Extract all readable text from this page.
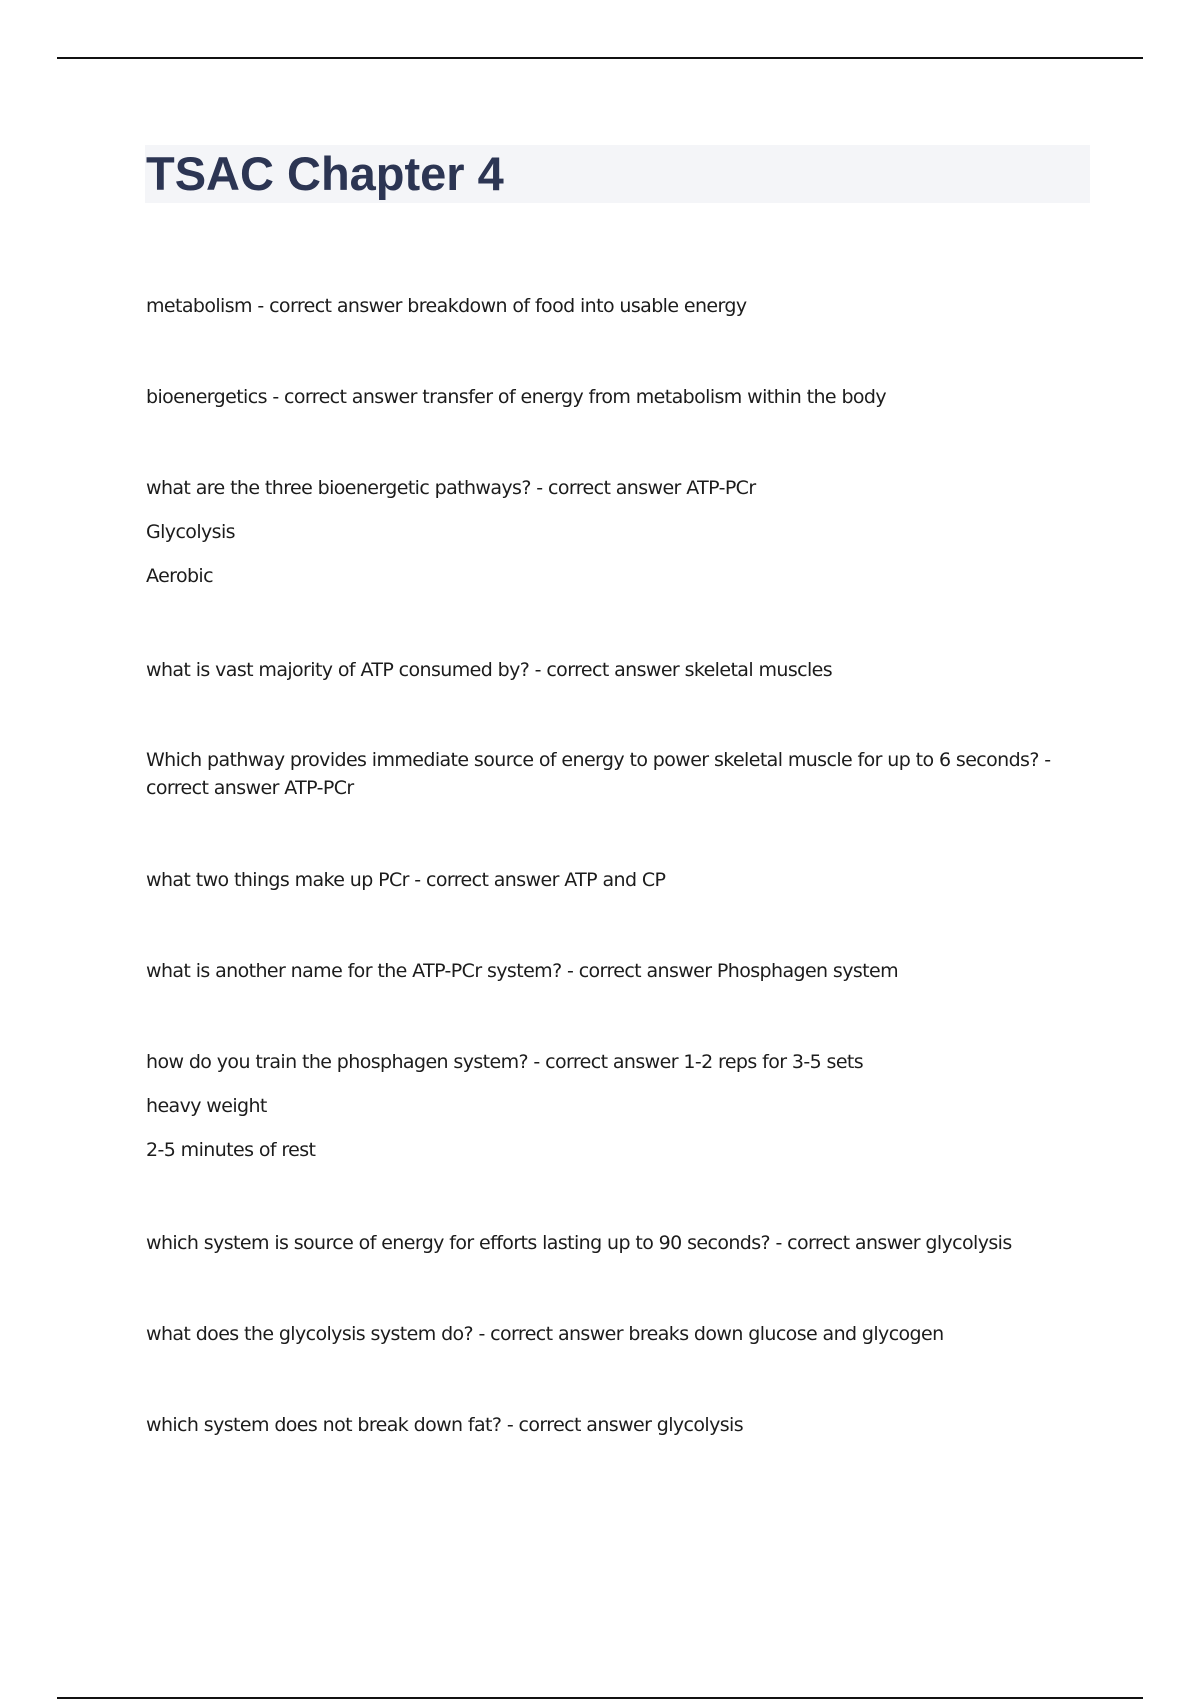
TSAC Chapter 4

metabolism - correct answer breakdown of food into usable energy

bioenergetics - correct answer transfer of energy from metabolism within the body

what are the three bioenergetic pathways? - correct answer ATP-PCr

Glycolysis

Aerobic

what is vast majority of ATP consumed by? - correct answer skeletal muscles

Which pathway provides immediate source of energy to power skeletal muscle for up to 6 seconds? - correct answer ATP-PCr

what two things make up PCr - correct answer ATP and CP

what is another name for the ATP-PCr system? - correct answer Phosphagen system

how do you train the phosphagen system? - correct answer 1-2 reps for 3-5 sets

heavy weight

2-5 minutes of rest

which system is source of energy for efforts lasting up to 90 seconds? - correct answer glycolysis

what does the glycolysis system do? - correct answer breaks down glucose and glycogen

which system does not break down fat? - correct answer glycolysis
